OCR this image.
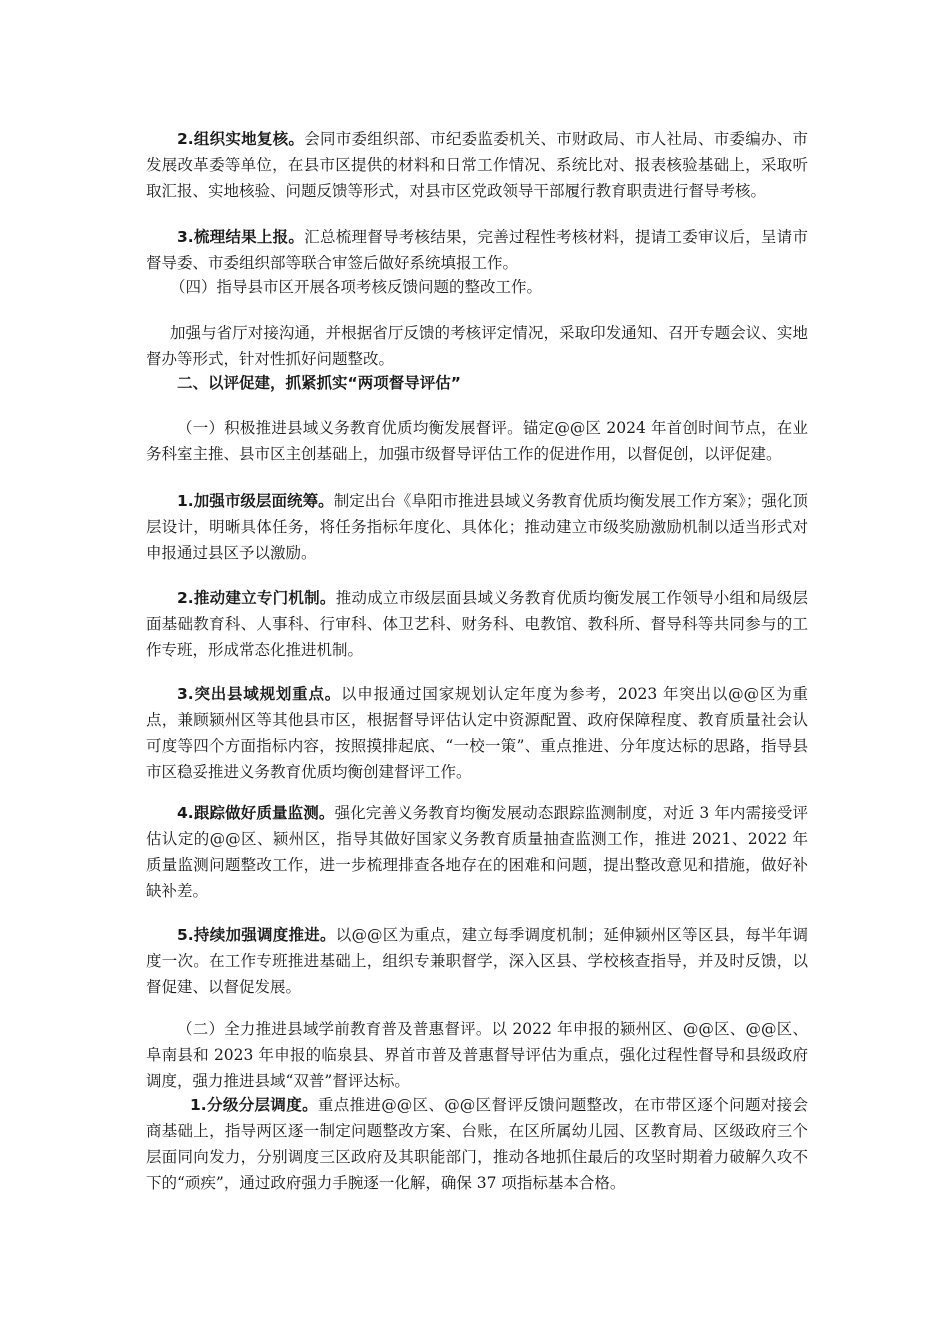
2.组织实地复核。会同市委组织部、市纪委监委机关、市财政局、市人社局、市委编办、市发展改革委等单位，在县市区提供的材料和日常工作情况、系统比对、报表核验基础上，采取听取汇报、实地核验、问题反馈等形式，对县市区党政领导干部履行教育职责进行督导考核。

3.梳理结果上报。汇总梳理督导考核结果，完善过程性考核材料，提请工委审议后，呈请市督导委、市委组织部等联合审签后做好系统填报工作。

（四）指导县市区开展各项考核反馈问题的整改工作。

加强与省厅对接沟通，并根据省厅反馈的考核评定情况，采取印发通知、召开专题会议、实地督办等形式，针对性抓好问题整改。

二、以评促建，抓紧抓实“两项督导评估”

（一）积极推进县域义务教育优质均衡发展督评。锚定@@区 2024 年首创时间节点，在业务科室主推、县市区主创基础上，加强市级督导评估工作的促进作用，以督促创，以评促建。

1.加强市级层面统筹。制定出台《阜阳市推进县域义务教育优质均衡发展工作方案》；强化顶层设计，明晰具体任务，将任务指标年度化、具体化；推动建立市级奖励激励机制以适当形式对申报通过县区予以激励。

2.推动建立专门机制。推动成立市级层面县域义务教育优质均衡发展工作领导小组和局级层面基础教育科、人事科、行审科、体卫艺科、财务科、电教馆、教科所、督导科等共同参与的工作专班，形成常态化推进机制。

3.突出县域规划重点。以申报通过国家规划认定年度为参考，2023 年突出以@@区为重点，兼顾颍州区等其他县市区，根据督导评估认定中资源配置、政府保障程度、教育质量社会认可度等四个方面指标内容，按照摸排起底、“一校一策”、重点推进、分年度达标的思路，指导县市区稳妥推进义务教育优质均衡创建督评工作。

4.跟踪做好质量监测。强化完善义务教育均衡发展动态跟踪监测制度，对近 3 年内需接受评估认定的@@区、颍州区，指导其做好国家义务教育质量抽查监测工作，推进 2021、2022 年质量监测问题整改工作，进一步梳理排查各地存在的困难和问题，提出整改意见和措施，做好补缺补差。

5.持续加强调度推进。以@@区为重点，建立每季调度机制；延伸颍州区等区县，每半年调度一次。在工作专班推进基础上，组织专兼职督学，深入区县、学校核查指导，并及时反馈，以督促建、以督促发展。

（二）全力推进县域学前教育普及普惠督评。以 2022 年申报的颍州区、@@区、@@区、阜南县和 2023 年申报的临泉县、界首市普及普惠督导评估为重点，强化过程性督导和县级政府调度，强力推进县域“双普”督评达标。

1.分级分层调度。重点推进@@区、@@区督评反馈问题整改，在市带区逐个问题对接会商基础上，指导两区逐一制定问题整改方案、台账，在区所属幼儿园、区教育局、区级政府三个层面同向发力，分别调度三区政府及其职能部门，推动各地抓住最后的攻坚时期着力破解久攻不下的“顽疾”，通过政府强力手腕逐一化解，确保 37 项指标基本合格。
